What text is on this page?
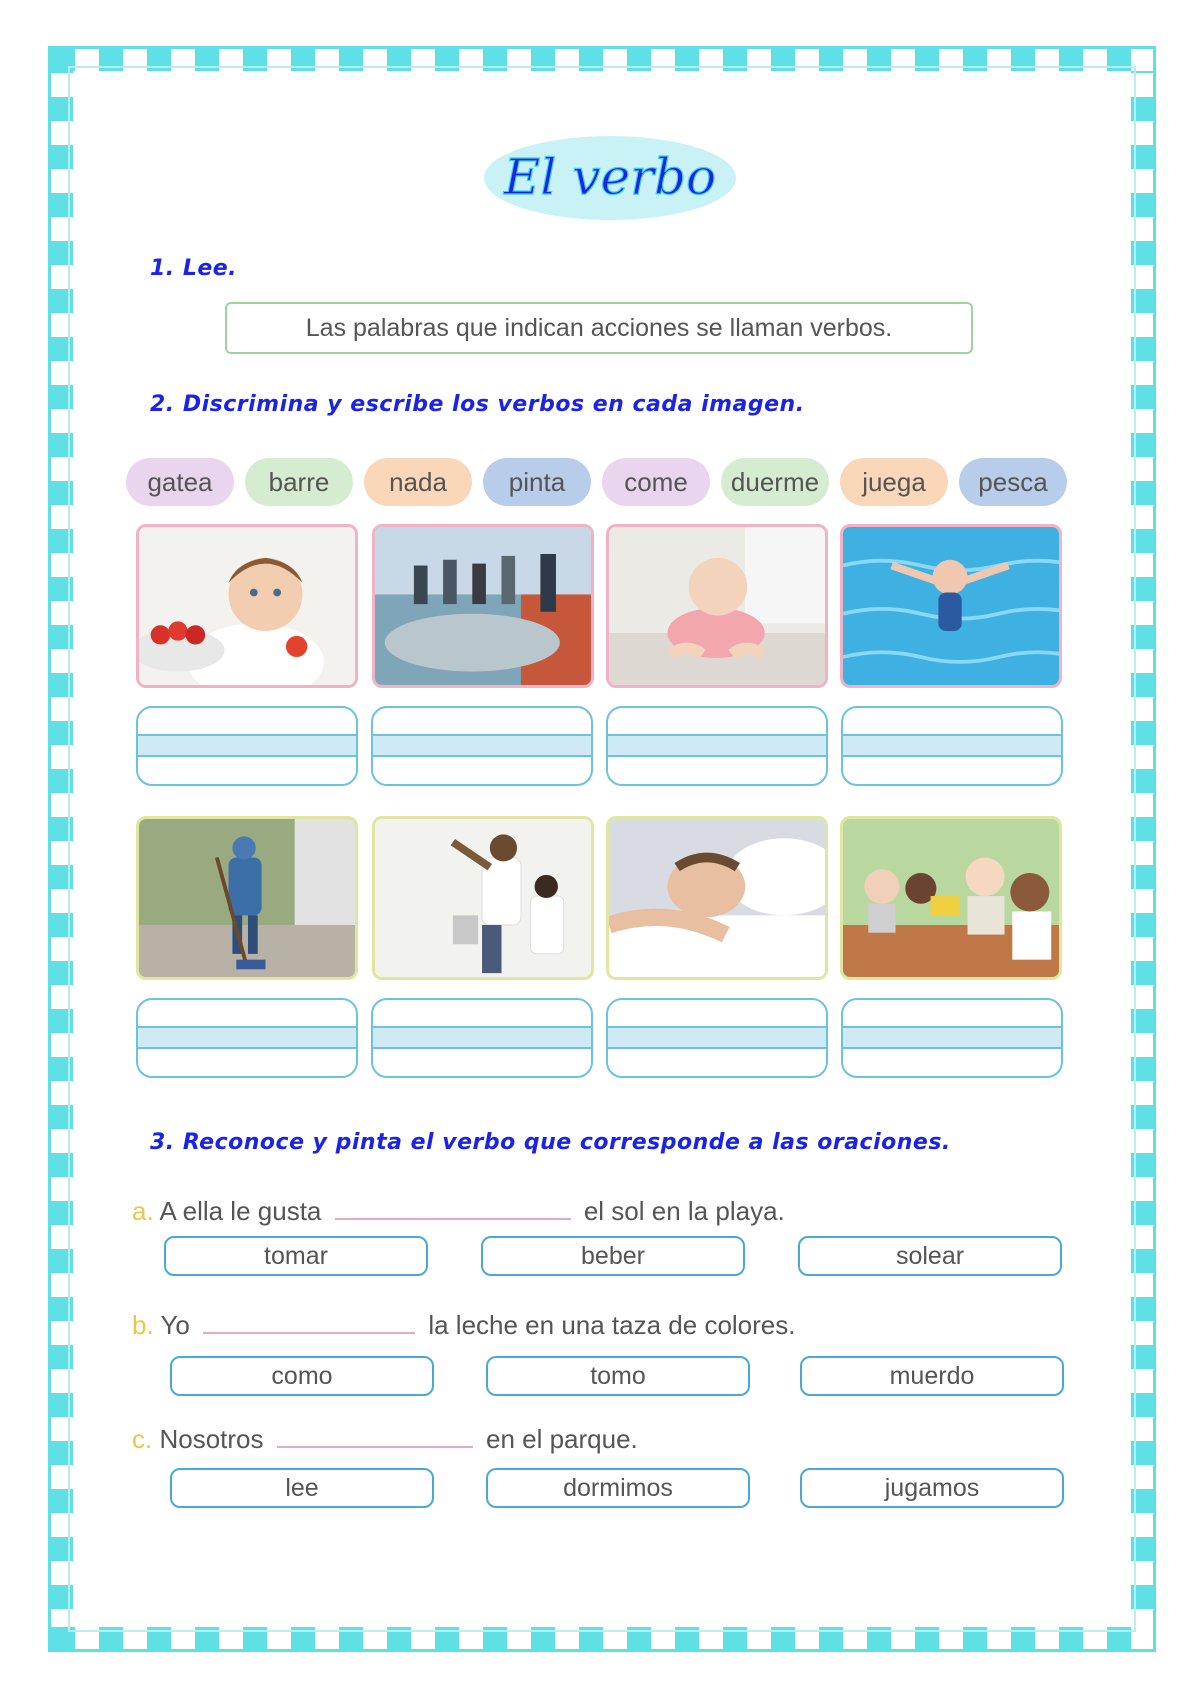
El verbo
1. Lee.
Las palabras que indican acciones se llaman verbos.
2. Discrimina y escribe los verbos en cada imagen.
gatea barre nada pinta come duerme juega pesca
3. Reconoce y pinta el verbo que corresponde a las oraciones.
a. A ella le gusta	el sol en la playa.
tomar	beber	solear
b. Yo	la leche en una taza de colores.
como	tomo	muerdo
c. Nosotros	en el parque.
lee	dormimos	jugamos
